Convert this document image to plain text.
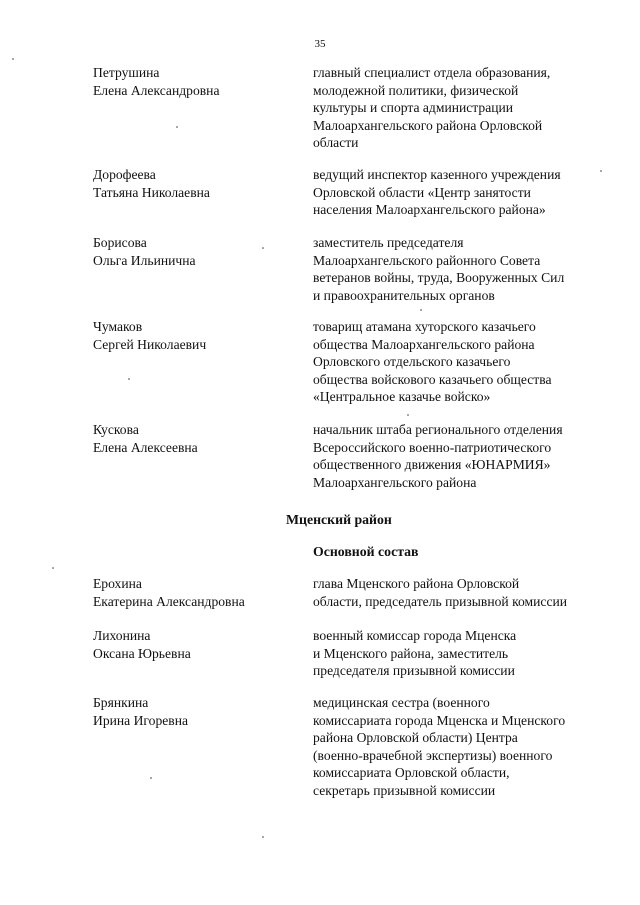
35
Петрушина
Елена Александровна
главный специалист отдела образования,
молодежной политики, физической
культуры и спорта администрации
Малоархангельского района Орловской
области
Дорофеева
Татьяна Николаевна
ведущий инспектор казенного учреждения
Орловской области «Центр занятости
населения Малоархангельского района»
Борисова
Ольга Ильинична
заместитель председателя
Малоархангельского районного Совета
ветеранов войны, труда, Вооруженных Сил
и правоохранительных органов
Чумаков
Сергей Николаевич
товарищ атамана хуторского казачьего
общества Малоархангельского района
Орловского отдельского казачьего
общества войскового казачьего общества
«Центральное казачье войско»
Кускова
Елена Алексеевна
начальник штаба регионального отделения
Всероссийского военно-патриотического
общественного движения «ЮНАРМИЯ»
Малоархангельского района
Мценский район
Основной состав
Ерохина
Екатерина Александровна
глава Мценского района Орловской
области, председатель призывной комиссии
Лихонина
Оксана Юрьевна
военный комиссар города Мценска
и Мценского района, заместитель
председателя призывной комиссии
Брянкина
Ирина Игоревна
медицинская сестра (военного
комиссариата города Мценска и Мценского
района Орловской области) Центра
(военно-врачебной экспертизы) военного
комиссариата Орловской области,
секретарь призывной комиссии
